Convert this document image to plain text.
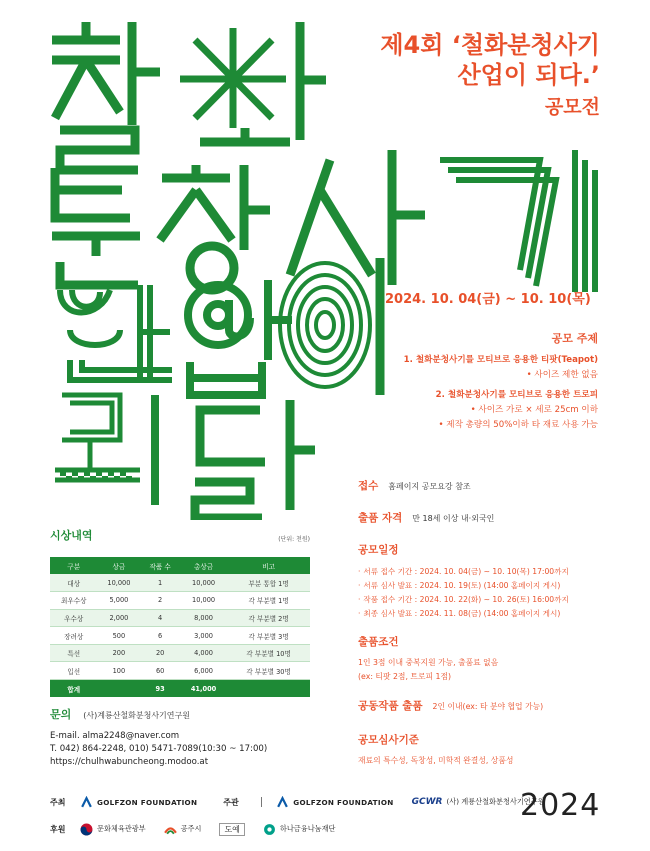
제4회 ‘철화분청사기
산업이 되다.’
공모전
2024. 10. 04(금) ~ 10. 10(목)
공모 주제
1. 철화분청사기를 모티브로 응용한 티팟(Teapot)
• 사이즈 제한 없음
2. 철화분청사기를 모티브로 응용한 트로피
• 사이즈 가로 × 세로 25cm 이하
• 제작 총량의 50%이하 타 재료 사용 가능
접수 홈페이지 공모요강 참조
출품 자격 만 18세 이상 내·외국인
공모일정
· 서류 접수 기간 : 2024. 10. 04(금) ~ 10. 10(목) 17:00까지
· 서류 심사 발표 : 2024. 10. 19(토) (14:00 홈페이지 게시)
· 작품 접수 기간 : 2024. 10. 22(화) ~ 10. 26(토) 16:00까지
· 최종 심사 발표 : 2024. 11. 08(금) (14:00 홈페이지 게시)
출품조건
1인 3점 이내 중복지원 가능, 출품료 없음
(ex: 티팟 2점, 트로피 1점)
공동작품 출품 2인 이내(ex: 타 분야 협업 가능)
공모심사기준
재료의 특수성, 독창성, 미학적 완결성, 상품성
시상내역	(단위: 천원)
구분	상금	작품 수	총상금	비고
대상	10,000	1	10,000	부분 통합 1명
최우수상	5,000	2	10,000	각 부분별 1명
우수상	2,000	4	8,000	각 부분별 2명
장려상	500	6	3,000	각 부분별 3명
특선	200	20	4,000	각 부분별 10명
입선	100	60	6,000	각 부분별 30명
합계		93	41,000	
문의 (사)계룡산철화분청사기연구원
E-mail. alma2248@naver.com
T. 042) 864-2248, 010) 5471-7089(10:30 ~ 17:00)
https://chulhwabuncheong.modoo.at
주최	GOLFZON FOUNDATION	주관	GOLFZON FOUNDATION GCWR (사) 계룡산철화분청사기연구원
후원	문화체육관광부	공주시	도예	하나금융나눔재단
2024
